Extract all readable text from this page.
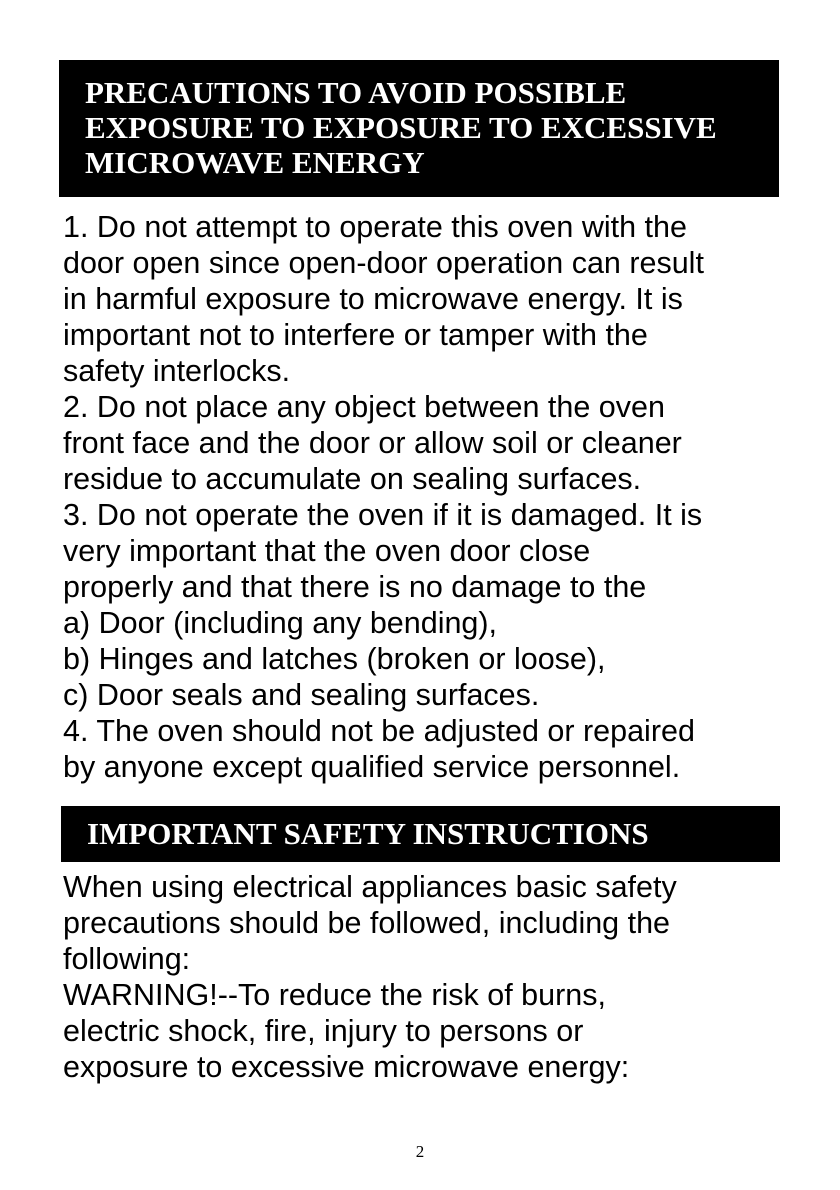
PRECAUTIONS TO AVOID POSSIBLE
EXPOSURE TO EXPOSURE TO EXCESSIVE
MICROWAVE ENERGY
1. Do not attempt to operate this oven with the
door open since open-door operation can result
in harmful exposure to microwave energy. It is
important not to interfere or tamper with the
safety interlocks.
2. Do not place any object between the oven
front face and the door or allow soil or cleaner
residue to accumulate on sealing surfaces.
3. Do not operate the oven if it is damaged. It is
very important that the oven door close
properly and that there is no damage to the
a) Door (including any bending),
b) Hinges and latches (broken or loose),
c) Door seals and sealing surfaces.
4. The oven should not be adjusted or repaired
by anyone except qualified service personnel.
IMPORTANT SAFETY INSTRUCTIONS
When using electrical appliances basic safety
precautions should be followed, including the
following:
WARNING!--To reduce the risk of burns,
electric shock, fire, injury to persons or
exposure to excessive microwave energy:
2
